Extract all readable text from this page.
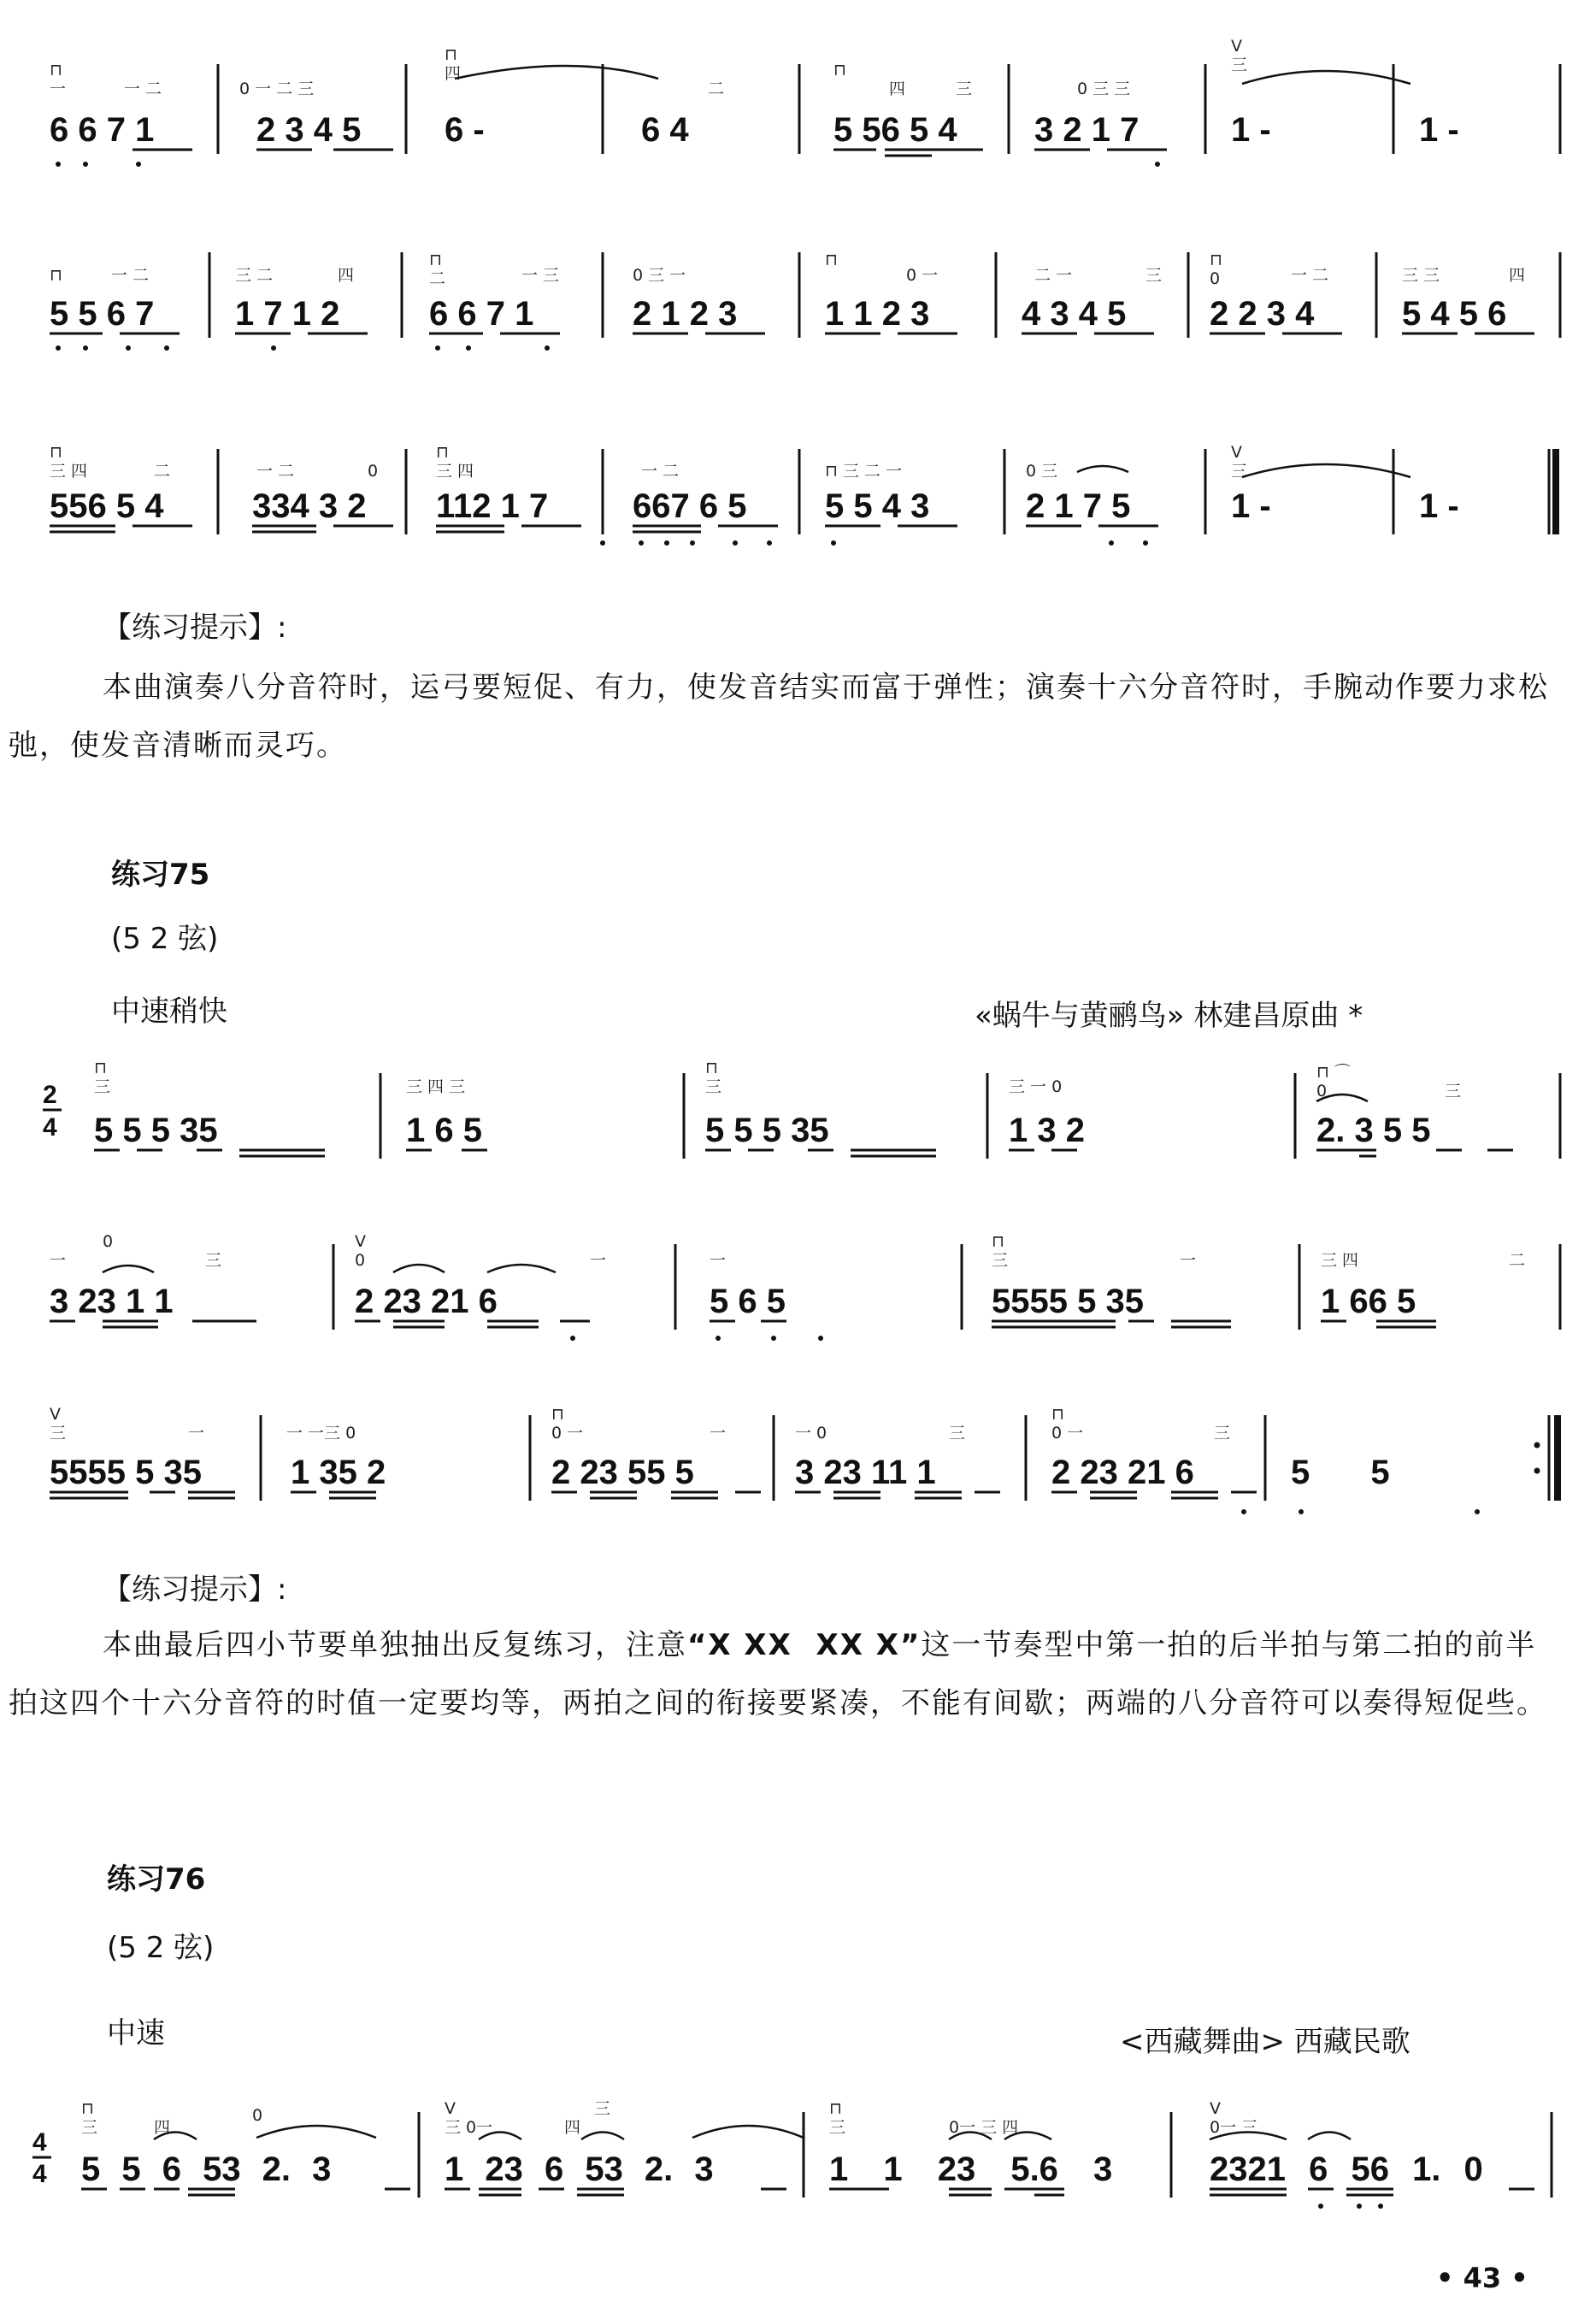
⊓
一	一 二	0 一 二 三
⊓
四
二
⊓
四	三	0 三 三
V
三
6 6 7 1	2 3 4 5 6 -	6 4	5 56 5 4 3 2 1 7	1 -	1 -
⊓	一 二	三 二	四
⊓
二	一 三	0 三 一
⊓
0 一	二 一	三
⊓
0	一 二	三 三	四
5 5 6 7 1 7 1 2	6 6 7 1	2 1 2 3	1 1 2 3	4 3 4 5 2 2 3 4	5 4 5 6
⊓
三 四	二	一 二	0
⊓
三 四	一 二	⊓ 三 二 一	0 三
V
三
556 5 4	334 3 2 112 1 7 667 6 5 5 5 4 3	2 1 7 5	1 -	1 -
【练习提示】:
本曲演奏八分音符时，运弓要短促、有力，使发音结实而富于弹性；演奏十六分音符时，手腕动作要力求松弛，使发音清晰而灵巧。
练习75
(5 2 弦)
中速稍快	«蜗牛与黄鹂鸟» 林建昌原曲 *
2
4
⊓
三	三 四 三
⊓
三	三 一 0
⊓ ⌒
0	三
5 5 5 35	1 6 5	5 5 5 35	1 3 2	2. 3 5 5
一
0
三
V
0	一	一
⊓
三	一	三 四	二
3 23 1 1	2 23 21 6	5 6 5	5555 5 35	1 66 5
V
三	一	一 一三 0
⊓
0 一	一	一 0	三
⊓
0 一	三
5555 5 35	1 35 2	2 23 55 5	3 23 11 1	2 23 21 6	5 5
【练习提示】:
本曲最后四小节要单独抽出反复练习，注意“X XX  XX X”这一节奏型中第一拍的后半拍与第二拍的前半拍这四个十六分音符的时值一定要均等，两拍之间的衔接要紧凑，不能有间歇；两端的八分音符可以奏得短促些。
练习76
(5 2 弦)
中速	<西藏舞曲> 西藏民歌
4
4
⊓
三	四
0	V
三 0一	四
三	⊓
三	0一 三 四
V
0一 三
5 5 6 53 2. 3	1 23 6 53 2. 3	1 1 23 5.6 3	2321 6 56 1. 0
• 43 •
